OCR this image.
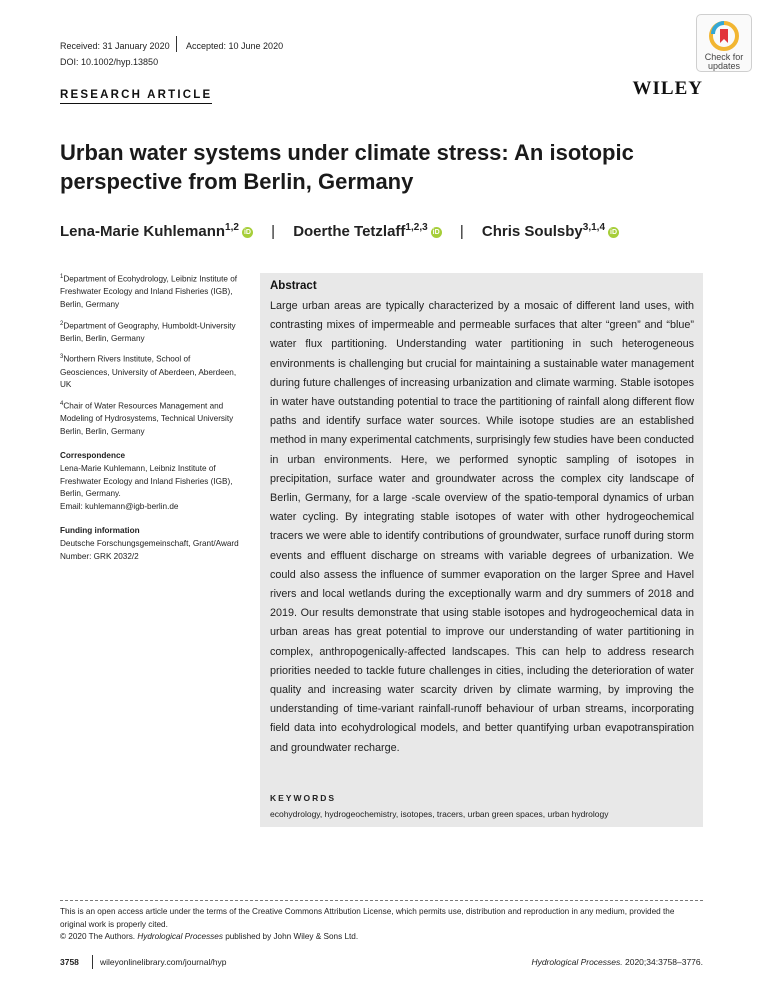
Received: 31 January 2020 Accepted: 10 June 2020
DOI: 10.1002/hyp.13850	Check for updates
WILEY
RESEARCH ARTICLE
Urban water systems under climate stress: An isotopic perspective from Berlin, Germany
Lena-Marie Kuhlemann$^{1,2}$ iD | Doerthe Tetzlaff$^{1,2,3}$ iD | Chris Soulsby$^{3,1,4}$ iD

$^1$Department of Ecohydrology, Leibniz Institute of Freshwater Ecology and Inland Fisheries (IGB), Berlin, Germany

$^2$Department of Geography, Humboldt-University Berlin, Berlin, Germany

$^3$Northern Rivers Institute, School of Geosciences, University of Aberdeen, Aberdeen, UK

$^4$Chair of Water Resources Management and Modeling of Hydrosystems, Technical University Berlin, Berlin, Germany

Correspondence
Lena-Marie Kuhlemann, Leibniz Institute of Freshwater Ecology and Inland Fisheries (IGB), Berlin, Germany.
Email: kuhlemann@igb-berlin.de
Funding information
Deutsche Forschungsgemeinschaft, Grant/Award Number: GRK 2032/2
Abstract
Large urban areas are typically characterized by a mosaic of different land uses, with contrasting mixes of impermeable and permeable surfaces that alter “green” and “blue” water flux partitioning. Understanding water partitioning in such heterogeneous environments is challenging but crucial for maintaining a sustainable water management during future challenges of increasing urbanization and climate warming. Stable isotopes in water have outstanding potential to trace the partitioning of rainfall along different flow paths and identify surface water sources. While isotope studies are an established method in many experimental catchments, surprisingly few studies have been conducted in urban environments. Here, we performed synoptic sampling of isotopes in precipitation, surface water and groundwater across the complex city landscape of Berlin, Germany, for a large -scale overview of the spatio-temporal dynamics of urban water cycling. By integrating stable isotopes of water with other hydrogeochemical tracers we were able to identify contributions of groundwater, surface runoff during storm events and effluent discharge on streams with variable degrees of urbanization. We could also assess the influence of summer evaporation on the larger Spree and Havel rivers and local wetlands during the exceptionally warm and dry summers of 2018 and 2019. Our results demonstrate that using stable isotopes and hydrogeochemical data in urban areas has great potential to improve our understanding of water partitioning in complex, anthropogenically-affected landscapes. This can help to address research priorities needed to tackle future challenges in cities, including the deterioration of water quality and increasing water scarcity driven by climate warming, by improving the understanding of time-variant rainfall-runoff behaviour of urban streams, incorporating field data into ecohydrological models, and better quantifying urban evapotranspiration and groundwater recharge.
KEYWORDS
ecohydrology, hydrogeochemistry, isotopes, tracers, urban green spaces, urban hydrology

This is an open access article under the terms of the Creative Commons Attribution License, which permits use, distribution and reproduction in any medium, provided the original work is properly cited.

© 2020 The Authors. Hydrological Processes published by John Wiley & Sons Ltd.

3758 wileyonlinelibrary.com/journal/hyp	Hydrological Processes. 2020;34:3758–3776.
